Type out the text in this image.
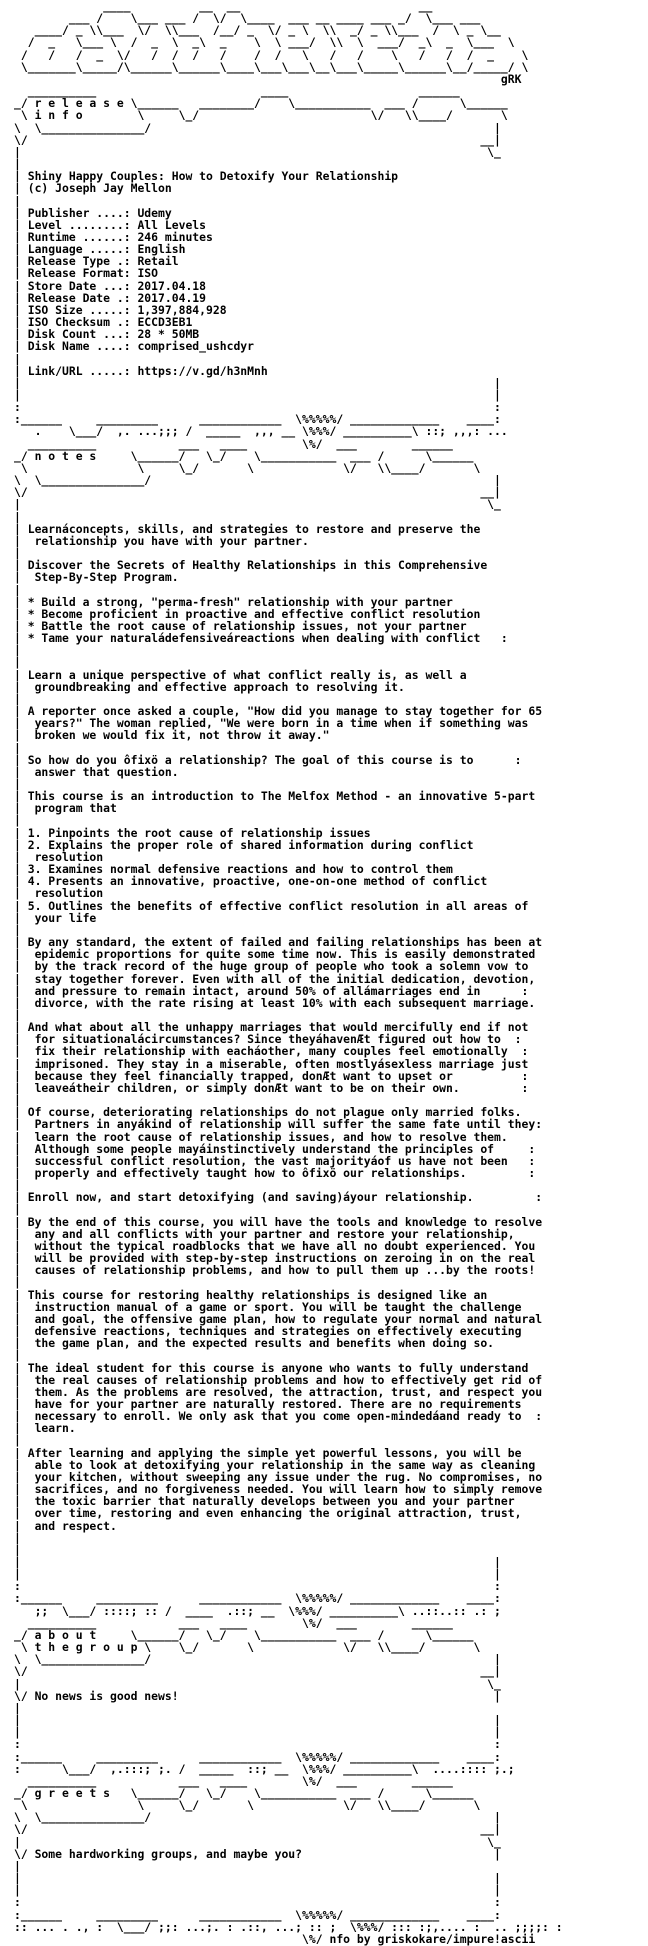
____          __  __                          __
___ /    \___ ___ /  \/  \____  ___ __ ____ ___ _/  \___ ___
____/ _ \\___  \/  \\___  /__/ _  \/ _ \  \\  _/ _ \\___  /  \ _ \__
/  _   \___ \  /  _  \  _\  _    \  \ ___/  \\  \  ___/  _\  _  \___  \
/   /   /  _  \/   /  /  /   /    /  /   \   /   /    \   /   /  /  _    \
\_______\_____/\______\______\____\___\___\__\___\_____\______\__/_____/ \
gRK
__________                        ____                   ______
_/ r e l e a s e \______   ________/    \___________  ___ /      \______
\ i n f o        \     \_/                         \/   \\____/       \
\  \_______________/                                                  |
\/                                                                  __|
|                                                                    \_
|
| Shiny Happy Couples: How to Detoxify Your Relationship
| (c) Joseph Jay Mellon
|
| Publisher ....: Udemy
| Level ........: All Levels
| Runtime ......: 246 minutes
| Language .....: English
| Release Type .: Retail
| Release Format: ISO
| Store Date ...: 2017.04.18
| Release Date .: 2017.04.19
| ISO Size .....: 1,397,884,928
| ISO Checksum .: ECCD3EB1
| Disk Count ...: 28 * 50MB
| Disk Name ....: comprised_ushcdyr
|
| Link/URL .....: https://v.gd/h3nMnh
|                                                                     |
|                                                                     |
:                                                                     :
:______     _________      ____________  \%%%%%/ _____________    ____:
.    \___/  ,. ...;;; /  _____  ,,, __ \%%%/ __________\ ::; ,,,: ...
__________            ___   ____        \%/  ___        ______
_/ n o t e s     \______/   \_/    \___________  ___ /      \______
\                \     \_/       \             \/   \\____/       \
\  \_______________/                                                  |
\/                                                                  __|
|                                                                    \_
|
| Learnáconcepts, skills, and strategies to restore and preserve the
|  relationship you have with your partner.
|
| Discover the Secrets of Healthy Relationships in this Comprehensive
|  Step-By-Step Program.
|
| * Build a strong, "perma-fresh" relationship with your partner
| * Become proficient in proactive and effective conflict resolution
| * Battle the root cause of relationship issues, not your partner
| * Tame your naturaládefensiveáreactions when dealing with conflict   :
|
|
| Learn a unique perspective of what conflict really is, as well a
|  groundbreaking and effective approach to resolving it.
|
| A reporter once asked a couple, "How did you manage to stay together for 65
|  years?" The woman replied, "We were born in a time when if something was
|  broken we would fix it, not throw it away."
|
| So how do you ôfixö a relationship? The goal of this course is to      :
|  answer that question.
|
| This course is an introduction to The Melfox Method - an innovative 5-part
|  program that
|
| 1. Pinpoints the root cause of relationship issues
| 2. Explains the proper role of shared information during conflict
|  resolution
| 3. Examines normal defensive reactions and how to control them
| 4. Presents an innovative, proactive, one-on-one method of conflict
|  resolution
| 5. Outlines the benefits of effective conflict resolution in all areas of
|  your life
|
| By any standard, the extent of failed and failing relationships has been at
|  epidemic proportions for quite some time now. This is easily demonstrated
|  by the track record of the huge group of people who took a solemn vow to
|  stay together forever. Even with all of the initial dedication, devotion,
|  and pressure to remain intact, around 50% of allámarriages end in      :
|  divorce, with the rate rising at least 10% with each subsequent marriage.
|
| And what about all the unhappy marriages that would mercifully end if not
|  for situationalácircumstances? Since theyáhavenÆt figured out how to  :
|  fix their relationship with eacháother, many couples feel emotionally  :
|  imprisoned. They stay in a miserable, often mostlyásexless marriage just
|  because they feel financially trapped, donÆt want to upset or          :
|  leaveátheir children, or simply donÆt want to be on their own.         :
|
| Of course, deteriorating relationships do not plague only married folks.
|  Partners in anyákind of relationship will suffer the same fate until they:
|  learn the root cause of relationship issues, and how to resolve them.
|  Although some people mayáinstinctively understand the principles of     :
|  successful conflict resolution, the vast majorityáof us have not been   :
|  properly and effectively taught how to ôfixö our relationships.         :
|
| Enroll now, and start detoxifying (and saving)áyour relationship.         :
|
| By the end of this course, you will have the tools and knowledge to resolve
|  any and all conflicts with your partner and restore your relationship,
|  without the typical roadblocks that we have all no doubt experienced. You
|  will be provided with step-by-step instructions on zeroing in on the real
|  causes of relationship problems, and how to pull them up ...by the roots!
|
| This course for restoring healthy relationships is designed like an
|  instruction manual of a game or sport. You will be taught the challenge
|  and goal, the offensive game plan, how to regulate your normal and natural
|  defensive reactions, techniques and strategies on effectively executing
|  the game plan, and the expected results and benefits when doing so.
|
| The ideal student for this course is anyone who wants to fully understand
|  the real causes of relationship problems and how to effectively get rid of
|  them. As the problems are resolved, the attraction, trust, and respect you
|  have for your partner are naturally restored. There are no requirements
|  necessary to enroll. We only ask that you come open-mindedáand ready to  :
|  learn.
|
| After learning and applying the simple yet powerful lessons, you will be
|  able to look at detoxifying your relationship in the same way as cleaning
|  your kitchen, without sweeping any issue under the rug. No compromises, no
|  sacrifices, and no forgiveness needed. You will learn how to simply remove
|  the toxic barrier that naturally develops between you and your partner
|  over time, restoring and even enhancing the original attraction, trust,
|  and respect.
|
|
|                                                                     |
|                                                                     |
:                                                                     :
:______     _________      ____________  \%%%%%/ _____________    ____:
;;  \___/ ::::; :: /  ____  .::; __  \%%%/ __________\ ..::..:: .: ;
__________            ___   ____        \%/  ___        ______
_/ a b o u t     \______/   \_/    \___________  ___ /      \______
\ t h e g r o u p \    \_/       \             \/   \\____/       \
\  \_______________/                                                  |
\/                                                                  __|
|                                                                    \_
\/ No news is good news!                                              |
|
|                                                                     |
|                                                                     |
:                                                                     :
:______     _________      ____________  \%%%%%/ _____________    ____:
:      \___/  ,.:::; ;. /  _____  ::; __  \%%%/ __________\  ....:::: ;.;
__________            ___   ____        \%/  ___        ______
_/ g r e e t s   \______/   \_/    \___________  ___ /      \______
\                \     \_/       \             \/   \\____/       \
\  \_______________/                                                  |
\/                                                                  __|
|                                                                    \_
\/ Some hardworking groups, and maybe you?                            |
|
|                                                                     |
|                                                                     |
:                                                                     :
:______     _________      ____________  \%%%%%/ _____________    ____:
:: ... . ., :  \___/ ;;: ...;. : .::, ...; :: ;  \%%%/ ::: :;,.... :  .. ;;;;: :
\%/ nfo by griskokare/impure!ascii
